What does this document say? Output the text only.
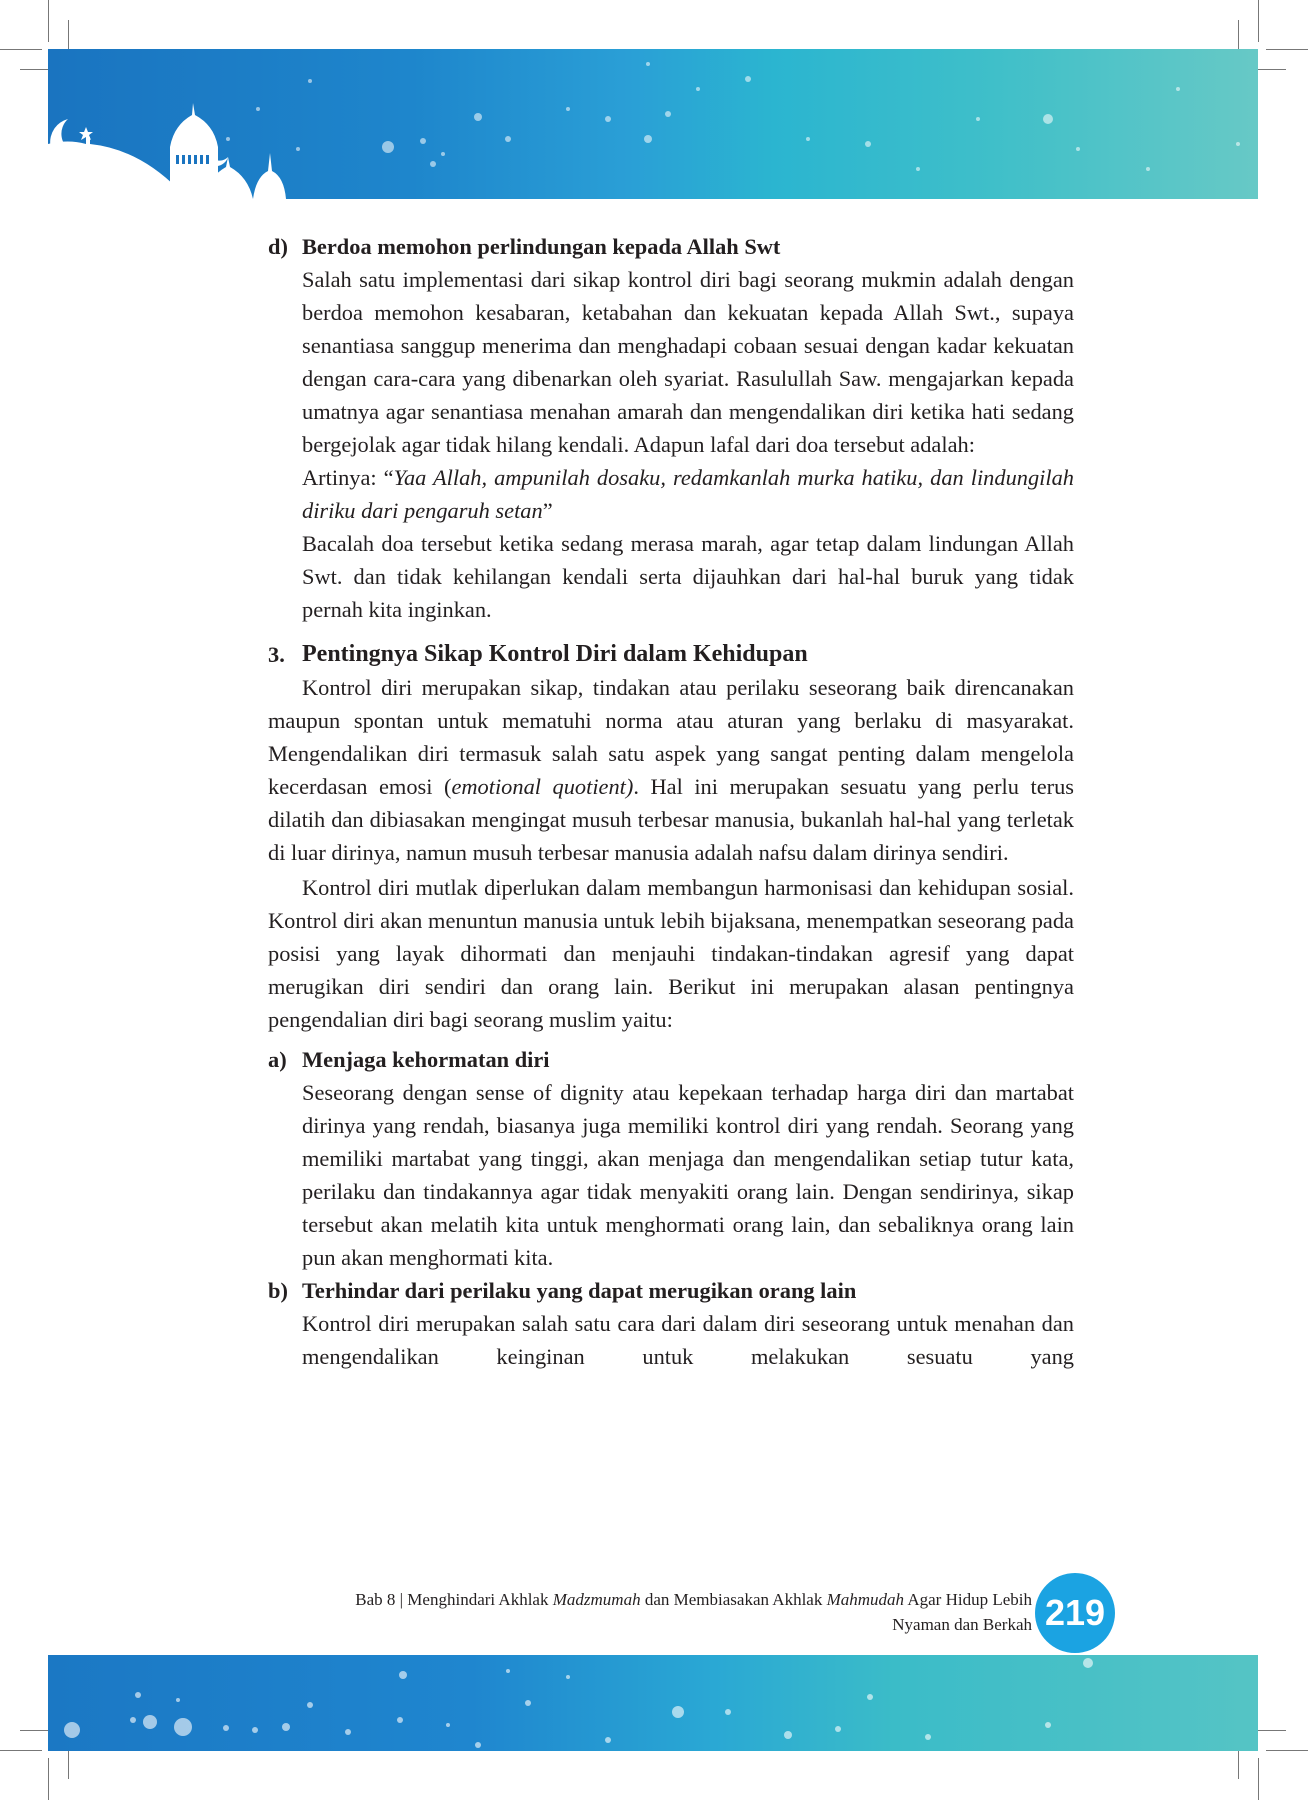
d) Berdoa memohon perlindungan kepada Allah Swt
Salah satu implementasi dari sikap kontrol diri bagi seorang mukmin adalah dengan berdoa memohon kesabaran, ketabahan dan kekuatan kepada Allah Swt., supaya senantiasa sanggup menerima dan menghadapi cobaan sesuai dengan kadar kekuatan dengan cara-cara yang dibenarkan oleh syariat. Rasulullah Saw. mengajarkan kepada umatnya agar senantiasa menahan amarah dan mengendalikan diri ketika hati sedang bergejolak agar tidak hilang kendali. Adapun lafal dari doa tersebut adalah:
Artinya: “Yaa Allah, ampunilah dosaku, redamkanlah murka hatiku, dan lindungilah diriku dari pengaruh setan”
Bacalah doa tersebut ketika sedang merasa marah, agar tetap dalam lindungan Allah Swt. dan tidak kehilangan kendali serta dijauhkan dari hal-hal buruk yang tidak pernah kita inginkan.
3. Pentingnya Sikap Kontrol Diri dalam Kehidupan
Kontrol diri merupakan sikap, tindakan atau perilaku seseorang baik direncanakan maupun spontan untuk mematuhi norma atau aturan yang berlaku di masyarakat. Mengendalikan diri termasuk salah satu aspek yang sangat penting dalam mengelola kecerdasan emosi (emotional quotient). Hal ini merupakan sesuatu yang perlu terus dilatih dan dibiasakan mengingat musuh terbesar manusia, bukanlah hal-hal yang terletak di luar dirinya, namun musuh terbesar manusia adalah nafsu dalam dirinya sendiri.
Kontrol diri mutlak diperlukan dalam membangun harmonisasi dan kehidupan sosial. Kontrol diri akan menuntun manusia untuk lebih bijaksana, menempatkan seseorang pada posisi yang layak dihormati dan menjauhi tindakan-tindakan agresif yang dapat merugikan diri sendiri dan orang lain. Berikut ini merupakan alasan pentingnya pengendalian diri bagi seorang muslim yaitu:
a) Menjaga kehormatan diri
Seseorang dengan sense of dignity atau kepekaan terhadap harga diri dan martabat dirinya yang rendah, biasanya juga memiliki kontrol diri yang rendah. Seorang yang memiliki martabat yang tinggi, akan menjaga dan mengendalikan setiap tutur kata, perilaku dan tindakannya agar tidak menyakiti orang lain. Dengan sendirinya, sikap tersebut akan melatih kita untuk menghormati orang lain, dan sebaliknya orang lain pun akan menghormati kita.
b) Terhindar dari perilaku yang dapat merugikan orang lain
Kontrol diri merupakan salah satu cara dari dalam diri seseorang untuk menahan dan mengendalikan keinginan untuk melakukan sesuatu yang
Bab 8 | Menghindari Akhlak Madzmumah dan Membiasakan Akhlak Mahmudah Agar Hidup Lebih
Nyaman dan Berkah 219
